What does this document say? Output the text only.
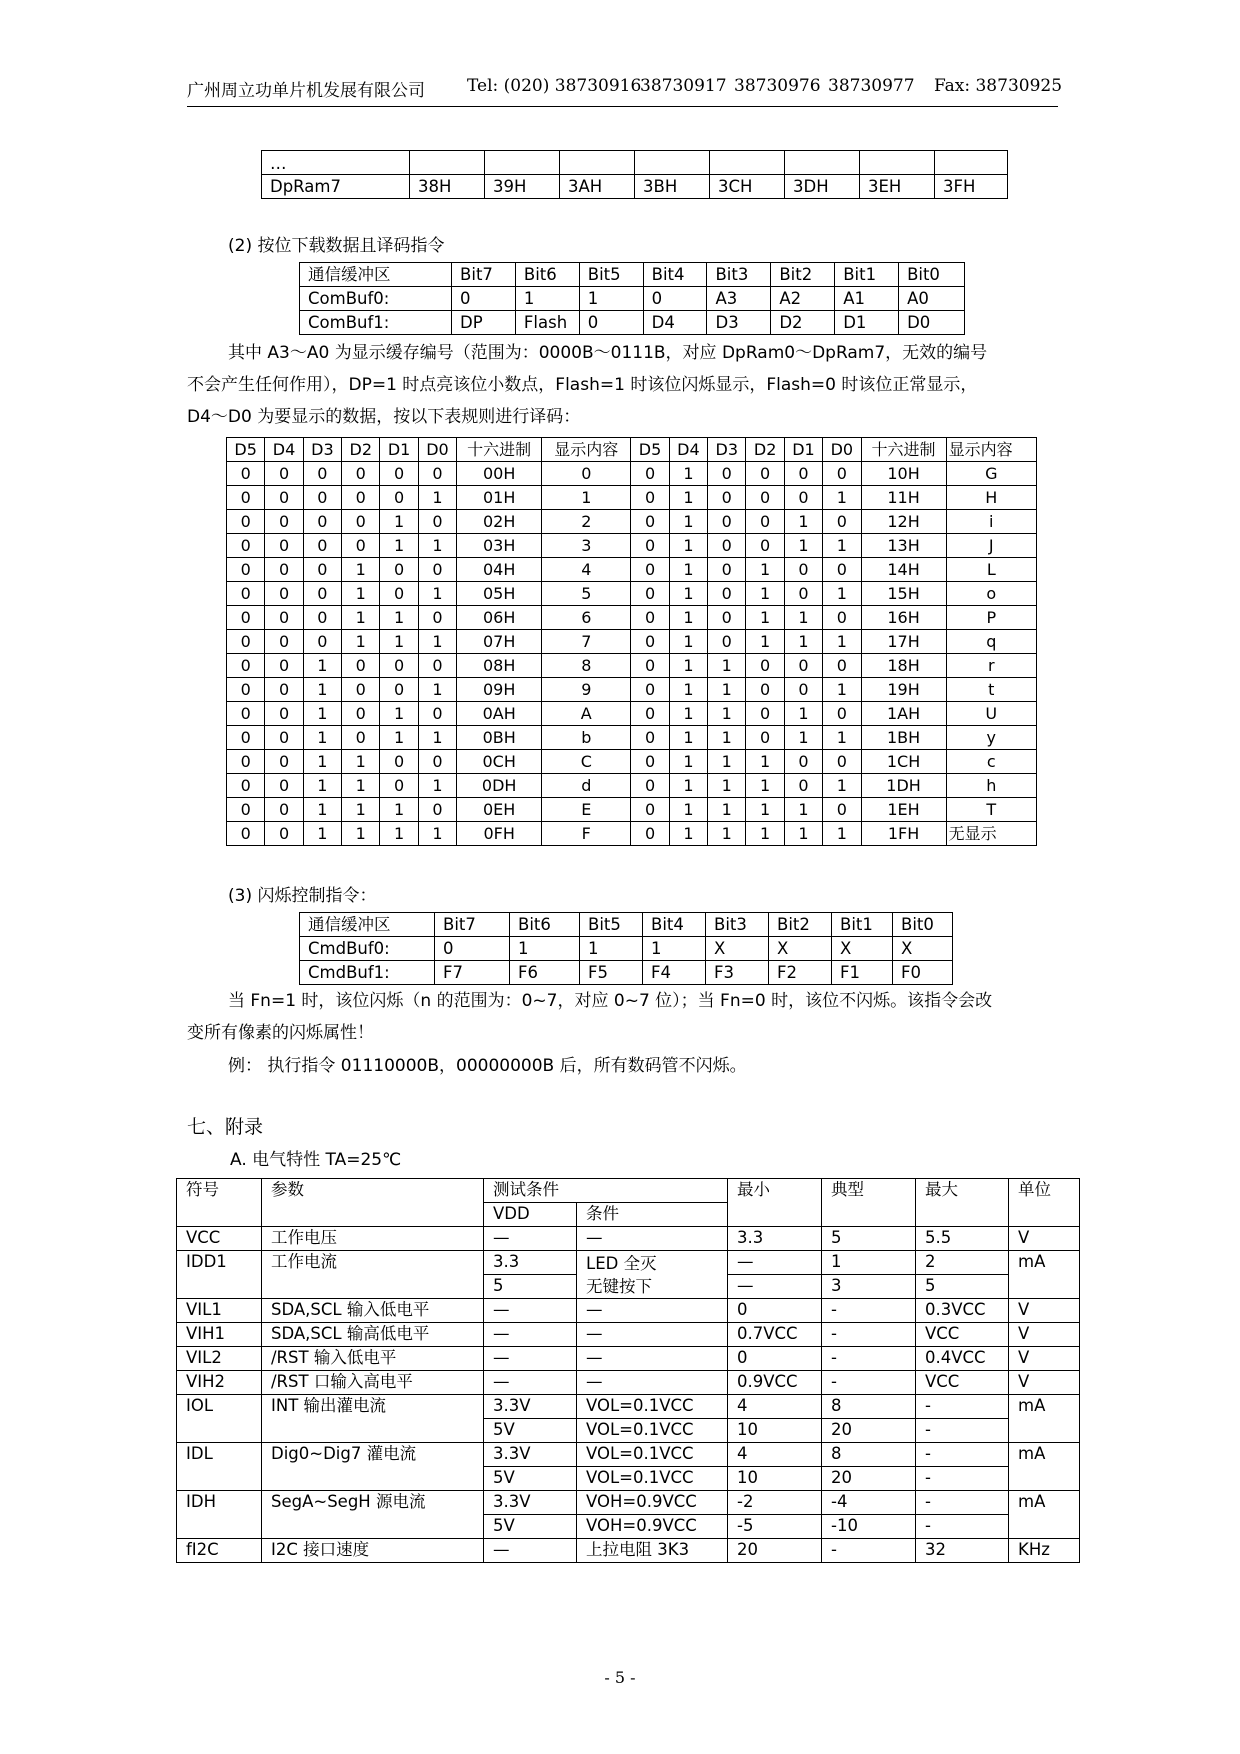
广州周立功单片机发展有限公司 Tel: (020) 38730916
38730917 38730976 38730977 Fax: 38730925
…								
DpRam7	38H	39H	3AH	3BH	3CH	3DH	3EH	3FH
(2) 按位下载数据且译码指令
通信缓冲区	Bit7	Bit6	Bit5	Bit4	Bit3	Bit2	Bit1	Bit0
ComBuf0:	0	1	1	0	A3	A2	A1	A0
ComBuf1:	DP	Flash	0	D4	D3	D2	D1	D0
其中 A3～A0 为显示缓存编号（范围为：0000B～0111B，对应 DpRam0～DpRam7，无效的编号
不会产生任何作用），DP=1 时点亮该位小数点，Flash=1 时该位闪烁显示，Flash=0 时该位正常显示，
D4～D0 为要显示的数据，按以下表规则进行译码：
D5	D4	D3	D2	D1	D0	十六进制	显示内容	D5	D4	D3	D2	D1	D0	十六进制	显示内容
0	0	0	0	0	0	00H	0	0	1	0	0	0	0	10H	G
0	0	0	0	0	1	01H	1	0	1	0	0	0	1	11H	H
0	0	0	0	1	0	02H	2	0	1	0	0	1	0	12H	i
0	0	0	0	1	1	03H	3	0	1	0	0	1	1	13H	J
0	0	0	1	0	0	04H	4	0	1	0	1	0	0	14H	L
0	0	0	1	0	1	05H	5	0	1	0	1	0	1	15H	o
0	0	0	1	1	0	06H	6	0	1	0	1	1	0	16H	P
0	0	0	1	1	1	07H	7	0	1	0	1	1	1	17H	q
0	0	1	0	0	0	08H	8	0	1	1	0	0	0	18H	r
0	0	1	0	0	1	09H	9	0	1	1	0	0	1	19H	t
0	0	1	0	1	0	0AH	A	0	1	1	0	1	0	1AH	U
0	0	1	0	1	1	0BH	b	0	1	1	0	1	1	1BH	y
0	0	1	1	0	0	0CH	C	0	1	1	1	0	0	1CH	c
0	0	1	1	0	1	0DH	d	0	1	1	1	0	1	1DH	h
0	0	1	1	1	0	0EH	E	0	1	1	1	1	0	1EH	T
0	0	1	1	1	1	0FH	F	0	1	1	1	1	1	1FH	无显示
(3) 闪烁控制指令：
通信缓冲区	Bit7	Bit6	Bit5	Bit4	Bit3	Bit2	Bit1	Bit0
CmdBuf0:	0	1	1	1	X	X	X	X
CmdBuf1:	F7	F6	F5	F4	F3	F2	F1	F0
当 Fn=1 时，该位闪烁（n 的范围为：0~7，对应 0~7 位）；当 Fn=0 时，该位不闪烁。该指令会改
变所有像素的闪烁属性！
例： 执行指令 01110000B，00000000B 后，所有数码管不闪烁。
七、附录
A. 电气特性 TA=25℃
符号	参数	测试条件		最小	典型	最大	单位
		VDD	条件				
VCC	工作电压	—	—	3.3	5	5.5	V
IDD1	工作电流	3.3	LED 全灭
无键按下	—	1	2	mA
		5		—	3	5	
VIL1	SDA,SCL 输入低电平	—	—	0	-	0.3VCC	V
VIH1	SDA,SCL 输高低电平	—	—	0.7VCC	-	VCC	V
VIL2	/RST 输入低电平	—	—	0	-	0.4VCC	V
VIH2	/RST 口输入高电平	—	—	0.9VCC	-	VCC	V
IOL	INT 输出灌电流	3.3V	VOL=0.1VCC	4	8	-	mA
		5V	VOL=0.1VCC	10	20	-	
IDL	Dig0~Dig7 灌电流	3.3V	VOL=0.1VCC	4	8	-	mA
		5V	VOL=0.1VCC	10	20	-	
IDH	SegA~SegH 源电流	3.3V	VOH=0.9VCC	-2	-4	-	mA
		5V	VOH=0.9VCC	-5	-10	-	
fI2C	I2C 接口速度	—	上拉电阻 3K3	20	-	32	KHz
- 5 -
